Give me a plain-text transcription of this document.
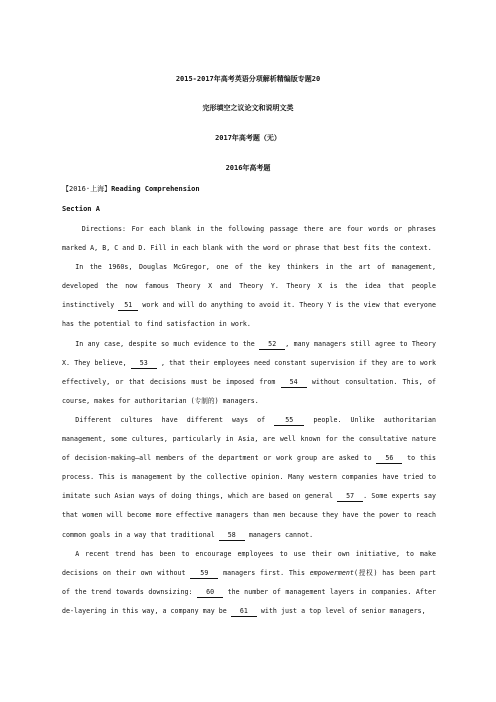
2015-2017年高考英语分项解析精编版专题20
完形填空之议论文和说明文类
2017年高考题（无）
2016年高考题
【2016·上海】Reading Comprehension
Section A

Directions: For each blank in the following passage there are four words or phrases marked A, B, C and D. Fill in each blank with the word or phrase that best fits the context.

In the 1960s, Douglas McGregor, one of the key thinkers in the art of management, developed the now famous Theory X and Theory Y. Theory X is the idea that people instinctively 51 work and will do anything to avoid it. Theory Y is the view that everyone has the potential to find satisfaction in work.

In any case, despite so much evidence to the 52 , many managers still agree to Theory X. They believe, 53 , that their employees need constant supervision if they are to work effectively, or that decisions must be imposed from 54 without consultation. This, of course, makes for authoritarian (专制的) managers.

Different cultures have different ways of	55	people. Unlike authoritarian management, some cultures, particularly in Asia, are well known for the consultative nature of decision-making—all members of the department or work group are asked to 56 to this process. This is management by the collective opinion. Many western companies have tried to imitate such Asian ways of doing things, which are based on general 57 . Some experts say that women will become more effective managers than men because they have the power to reach common goals in a way that traditional 58 managers cannot.

A recent trend has been to encourage employees to use their own initiative, to make decisions on their own without 59 managers first. This empowerment(授权) has been part of the trend towards downsizing: 60 the number of management layers in companies. After de-layering in this way, a company may be 61 with just a top level of senior managers,
